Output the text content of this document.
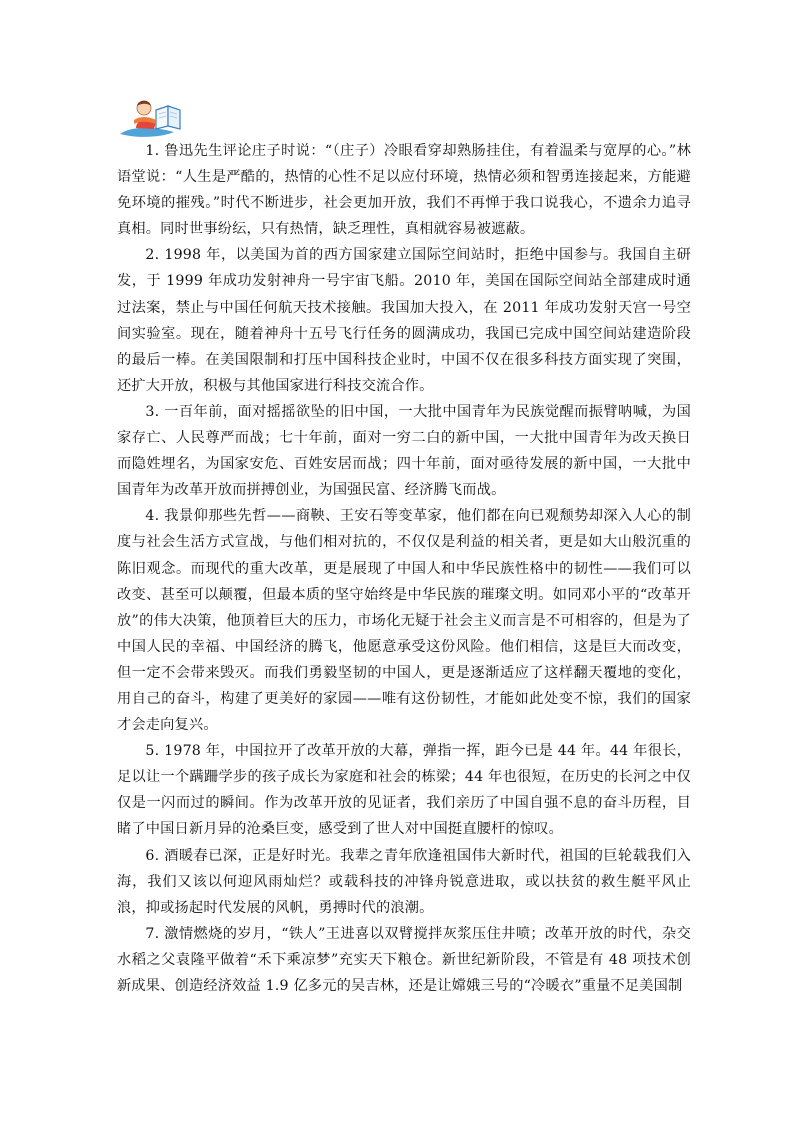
1. 鲁迅先生评论庄子时说：“（庄子）冷眼看穿却熟肠挂住，有着温柔与宽厚的心。”林语堂说：“人生是严酷的，热情的心性不足以应付环境，热情必须和智勇连接起来，方能避免环境的摧残。”时代不断进步，社会更加开放，我们不再惮于我口说我心，不遗余力追寻真相。同时世事纷纭，只有热情，缺乏理性，真相就容易被遮蔽。

2. 1998 年，以美国为首的西方国家建立国际空间站时，拒绝中国参与。我国自主研发，于 1999 年成功发射神舟一号宇宙飞船。2010 年，美国在国际空间站全部建成时通过法案，禁止与中国任何航天技术接触。我国加大投入，在 2011 年成功发射天宫一号空间实验室。现在，随着神舟十五号飞行任务的圆满成功，我国已完成中国空间站建造阶段的最后一棒。在美国限制和打压中国科技企业时，中国不仅在很多科技方面实现了突围，还扩大开放，积极与其他国家进行科技交流合作。

3. 一百年前，面对摇摇欲坠的旧中国，一大批中国青年为民族觉醒而振臂呐喊，为国家存亡、人民尊严而战；七十年前，面对一穷二白的新中国，一大批中国青年为改天换日而隐姓埋名，为国家安危、百姓安居而战；四十年前，面对亟待发展的新中国，一大批中国青年为改革开放而拼搏创业，为国强民富、经济腾飞而战。

4. 我景仰那些先哲——商鞅、王安石等变革家，他们都在向已观颓势却深入人心的制度与社会生活方式宣战，与他们相对抗的，不仅仅是利益的相关者，更是如大山般沉重的陈旧观念。而现代的重大改革，更是展现了中国人和中华民族性格中的韧性——我们可以改变、甚至可以颠覆，但最本质的坚守始终是中华民族的璀璨文明。如同邓小平的“改革开放”的伟大决策，他顶着巨大的压力，市场化无疑于社会主义而言是不可相容的，但是为了中国人民的幸福、中国经济的腾飞，他愿意承受这份风险。他们相信，这是巨大而改变，但一定不会带来毁灭。而我们勇毅坚韧的中国人，更是逐渐适应了这样翻天覆地的变化，用自己的奋斗，构建了更美好的家园——唯有这份韧性，才能如此处变不惊，我们的国家才会走向复兴。

5. 1978 年，中国拉开了改革开放的大幕，弹指一挥，距今已是 44 年。44 年很长，足以让一个蹒跚学步的孩子成长为家庭和社会的栋梁；44 年也很短，在历史的长河之中仅仅是一闪而过的瞬间。作为改革开放的见证者，我们亲历了中国自强不息的奋斗历程，目睹了中国日新月异的沧桑巨变，感受到了世人对中国挺直腰杆的惊叹。

6. 酒暖春已深，正是好时光。我辈之青年欣逢祖国伟大新时代，祖国的巨轮载我们入海，我们又该以何迎风雨灿烂？或载科技的冲锋舟锐意进取，或以扶贫的救生艇平风止浪，抑或扬起时代发展的风帆，勇搏时代的浪潮。

7. 激情燃烧的岁月，“铁人”王进喜以双臂搅拌灰浆压住井喷；改革开放的时代，杂交水稻之父袁隆平做着“禾下乘凉梦”充实天下粮仓。新世纪新阶段，不管是有 48 项技术创新成果、创造经济效益 1.9 亿多元的吴吉林，还是让嫦娥三号的“冷暖衣”重量不足美国制
